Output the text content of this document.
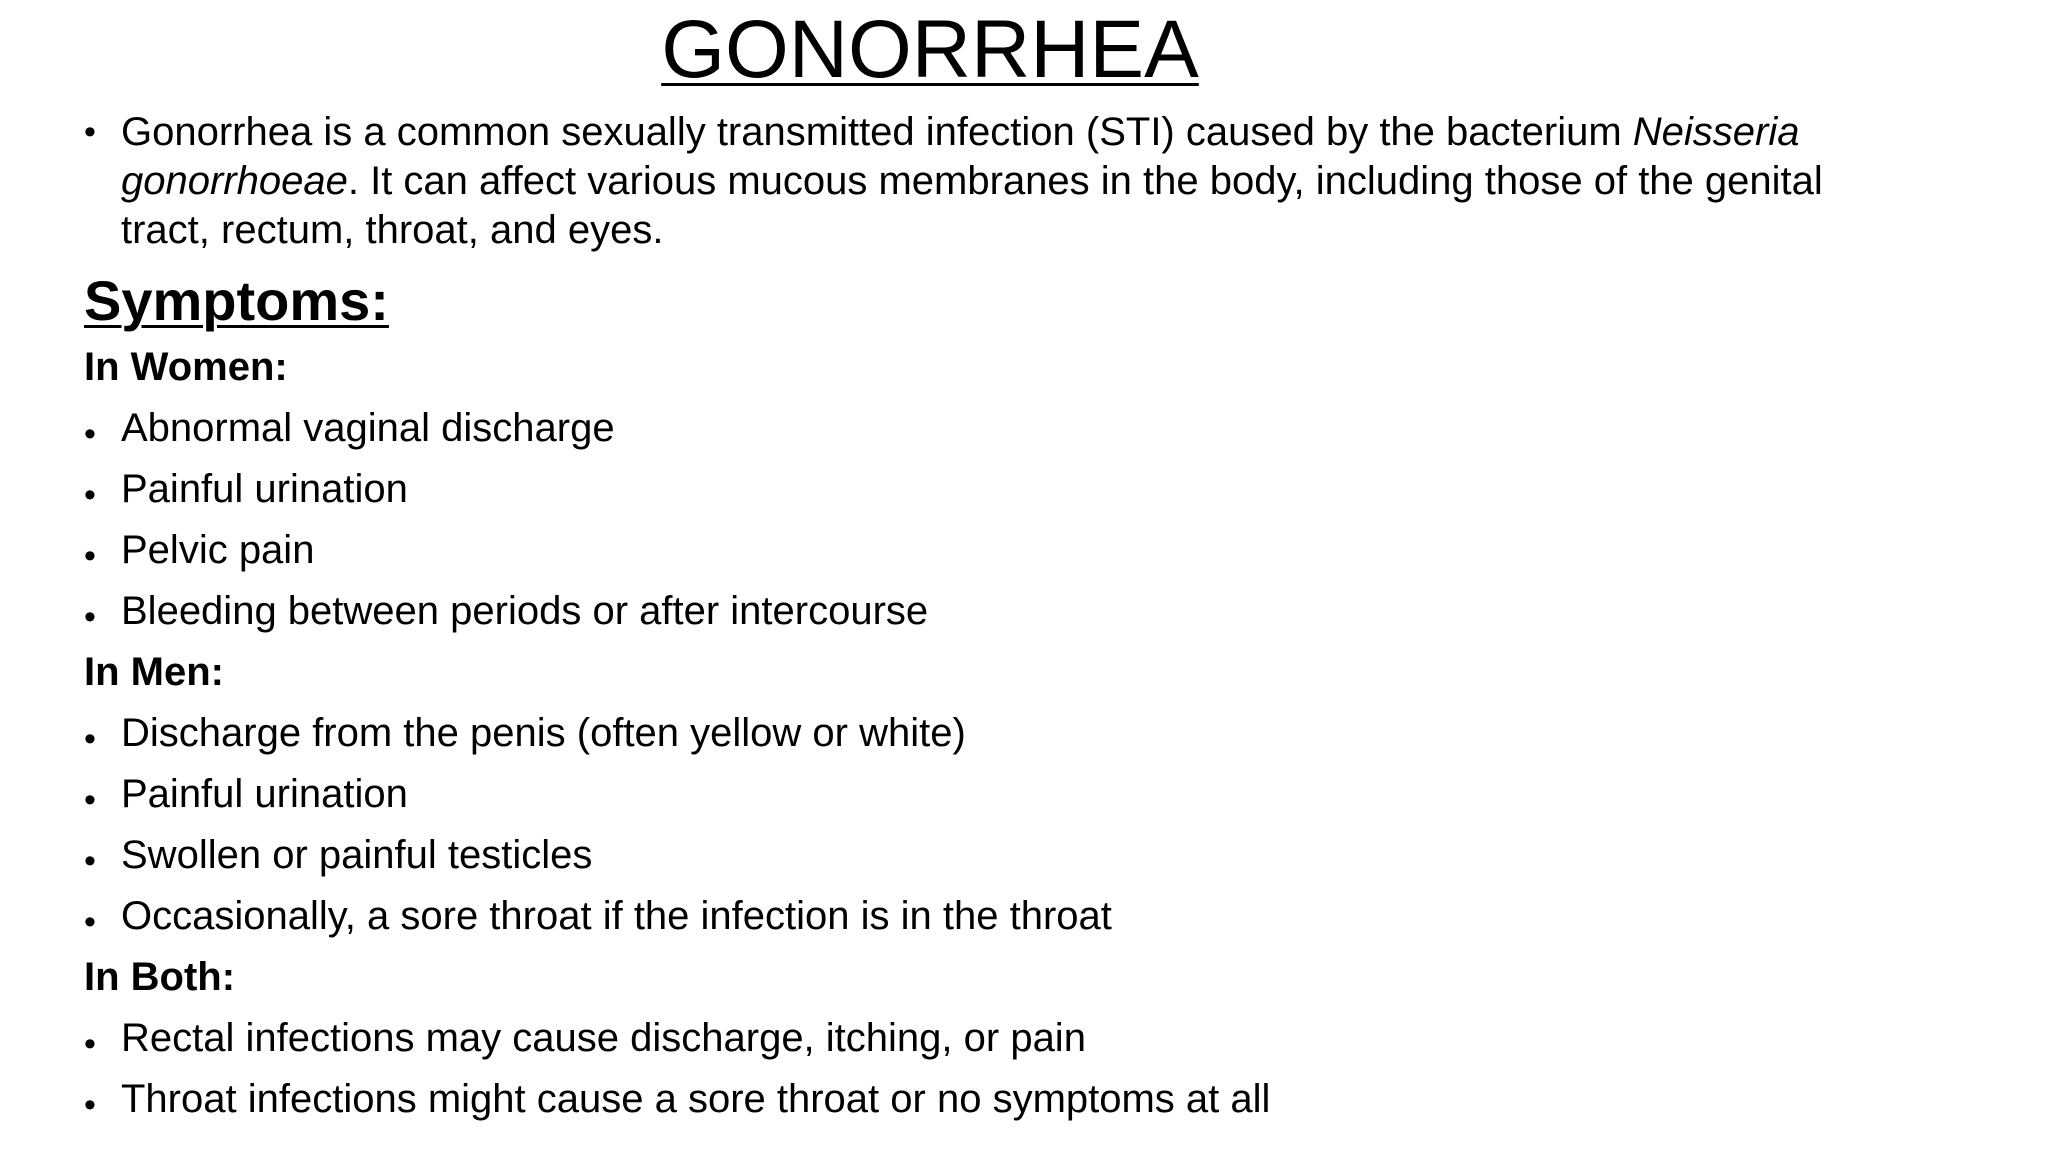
GONORRHEA
• Gonorrhea is a common sexually transmitted infection (STI) caused by the bacterium Neisseria gonorrhoeae. It can affect various mucous membranes in the body, including those of the genital tract, rectum, throat, and eyes.
Symptoms:
In Women:
• Abnormal vaginal discharge
• Painful urination
• Pelvic pain
• Bleeding between periods or after intercourse
In Men:
• Discharge from the penis (often yellow or white)
• Painful urination
• Swollen or painful testicles
• Occasionally, a sore throat if the infection is in the throat
In Both:
• Rectal infections may cause discharge, itching, or pain
• Throat infections might cause a sore throat or no symptoms at all
